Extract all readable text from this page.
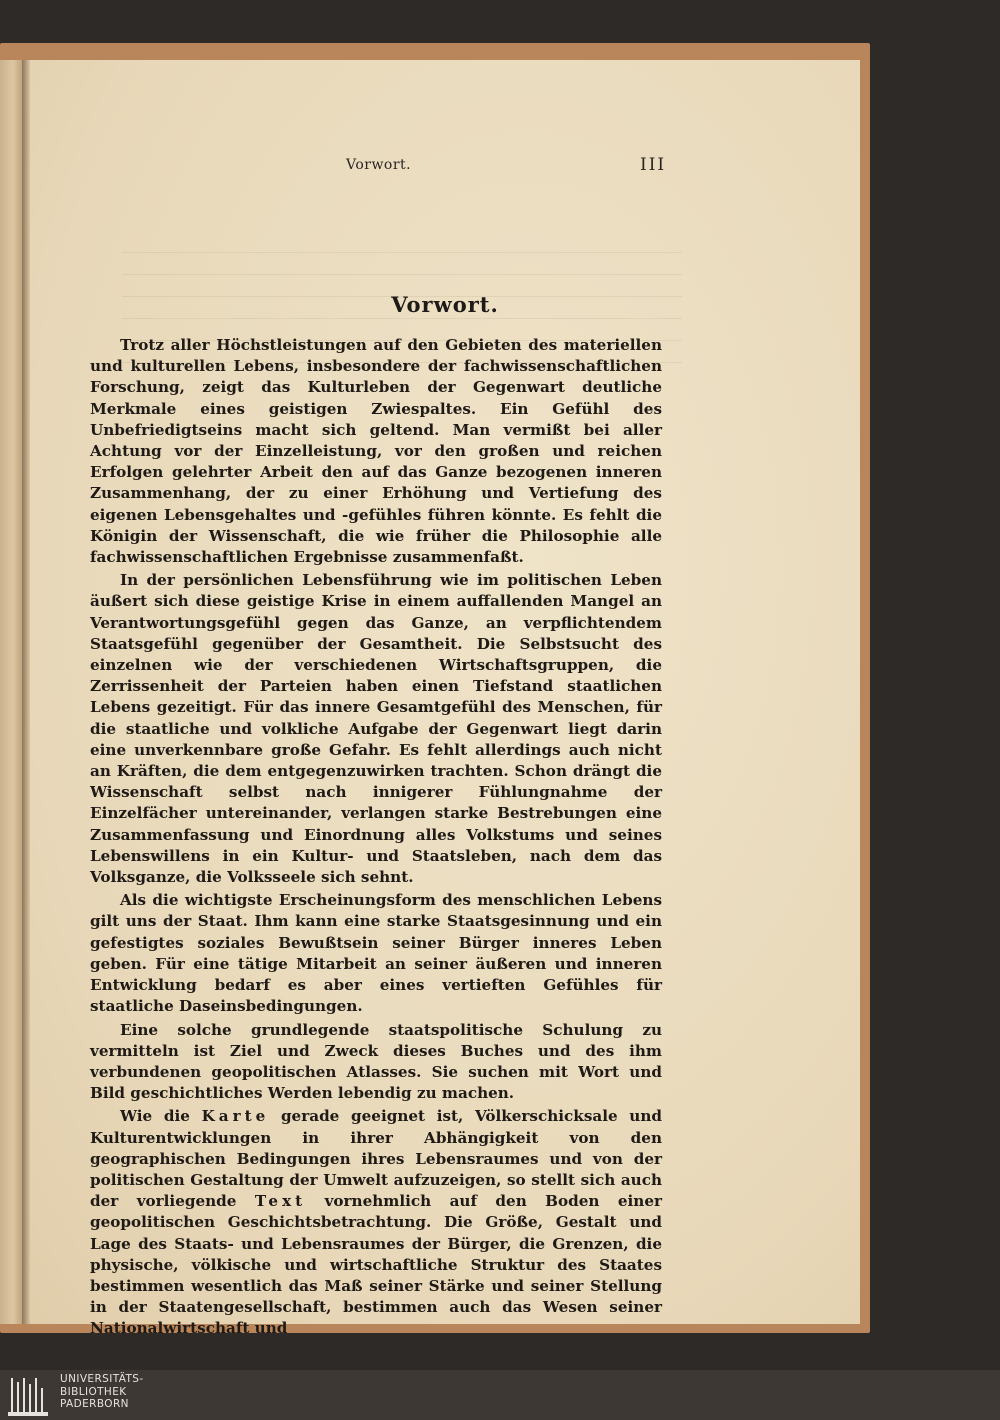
Vorwort.	III
Vorwort.

Trotz aller Höchstleistungen auf den Gebieten des materiellen und kulturellen Lebens, insbesondere der fachwissenschaftlichen Forschung, zeigt das Kulturleben der Gegenwart deutliche Merkmale eines geistigen Zwiespaltes. Ein Gefühl des Unbefriedigtseins macht sich geltend. Man vermißt bei aller Achtung vor der Einzelleistung, vor den großen und reichen Erfolgen gelehrter Arbeit den auf das Ganze bezogenen inneren Zusammenhang, der zu einer Erhöhung und Vertiefung des eigenen Lebensgehaltes und -gefühles führen könnte. Es fehlt die Königin der Wissenschaft, die wie früher die Philosophie alle fachwissenschaftlichen Ergebnisse zusammenfaßt.

In der persönlichen Lebensführung wie im politischen Leben äußert sich diese geistige Krise in einem auffallenden Mangel an Verantwortungsgefühl gegen das Ganze, an verpflichtendem Staatsgefühl gegenüber der Gesamtheit. Die Selbstsucht des einzelnen wie der verschiedenen Wirtschaftsgruppen, die Zerrissenheit der Parteien haben einen Tiefstand staatlichen Lebens gezeitigt. Für das innere Gesamtgefühl des Menschen, für die staatliche und volkliche Aufgabe der Gegenwart liegt darin eine unverkennbare große Gefahr. Es fehlt allerdings auch nicht an Kräften, die dem entgegenzuwirken trachten. Schon drängt die Wissenschaft selbst nach innigerer Fühlungnahme der Einzelfächer untereinander, verlangen starke Bestrebungen eine Zusammenfassung und Einordnung alles Volkstums und seines Lebenswillens in ein Kultur- und Staatsleben, nach dem das Volksganze, die Volksseele sich sehnt.

Als die wichtigste Erscheinungsform des menschlichen Lebens gilt uns der Staat. Ihm kann eine starke Staatsgesinnung und ein gefestigtes soziales Bewußtsein seiner Bürger inneres Leben geben. Für eine tätige Mitarbeit an seiner äußeren und inneren Entwicklung bedarf es aber eines vertieften Gefühles für staatliche Daseinsbedingungen.

Eine solche grundlegende staatspolitische Schulung zu vermitteln ist Ziel und Zweck dieses Buches und des ihm verbundenen geopolitischen Atlasses. Sie suchen mit Wort und Bild geschichtliches Werden lebendig zu machen.

Wie die Karte gerade geeignet ist, Völkerschicksale und Kulturentwicklungen in ihrer Abhängigkeit von den geographischen Bedingungen ihres Lebensraumes und von der politischen Gestaltung der Umwelt aufzuzeigen, so stellt sich auch der vorliegende Text vornehmlich auf den Boden einer geopolitischen Geschichtsbetrachtung. Die Größe, Gestalt und Lage des Staats- und Lebensraumes der Bürger, die Grenzen, die physische, völkische und wirtschaftliche Struktur des Staates bestimmen wesentlich das Maß seiner Stärke und seiner Stellung in der Staatengesellschaft, bestimmen auch das Wesen seiner Nationalwirtschaft und

UNIVERSITÄTS-
BIBLIOTHEK
PADERBORN
